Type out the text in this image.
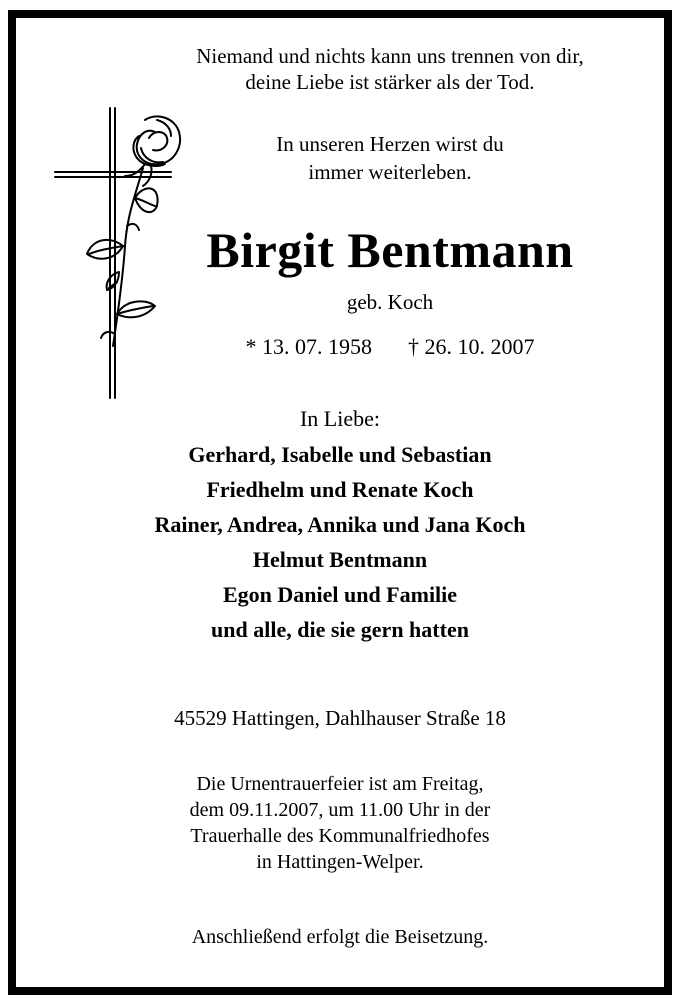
Niemand und nichts kann uns trennen von dir,

deine Liebe ist stärker als der Tod.

In unseren Herzen wirst du

immer weiterleben.

Birgit Bentmann

geb. Koch

* 13. 07. 1958 † 26. 10. 2007

In Liebe:

Gerhard, Isabelle und Sebastian

Friedhelm und Renate Koch

Rainer, Andrea, Annika und Jana Koch

Helmut Bentmann

Egon Daniel und Familie

und alle, die sie gern hatten

45529 Hattingen, Dahlhauser Straße 18

Die Urnentrauerfeier ist am Freitag,

dem 09.11.2007, um 11.00 Uhr in der

Trauerhalle des Kommunalfriedhofes

in Hattingen-Welper.

Anschließend erfolgt die Beisetzung.
